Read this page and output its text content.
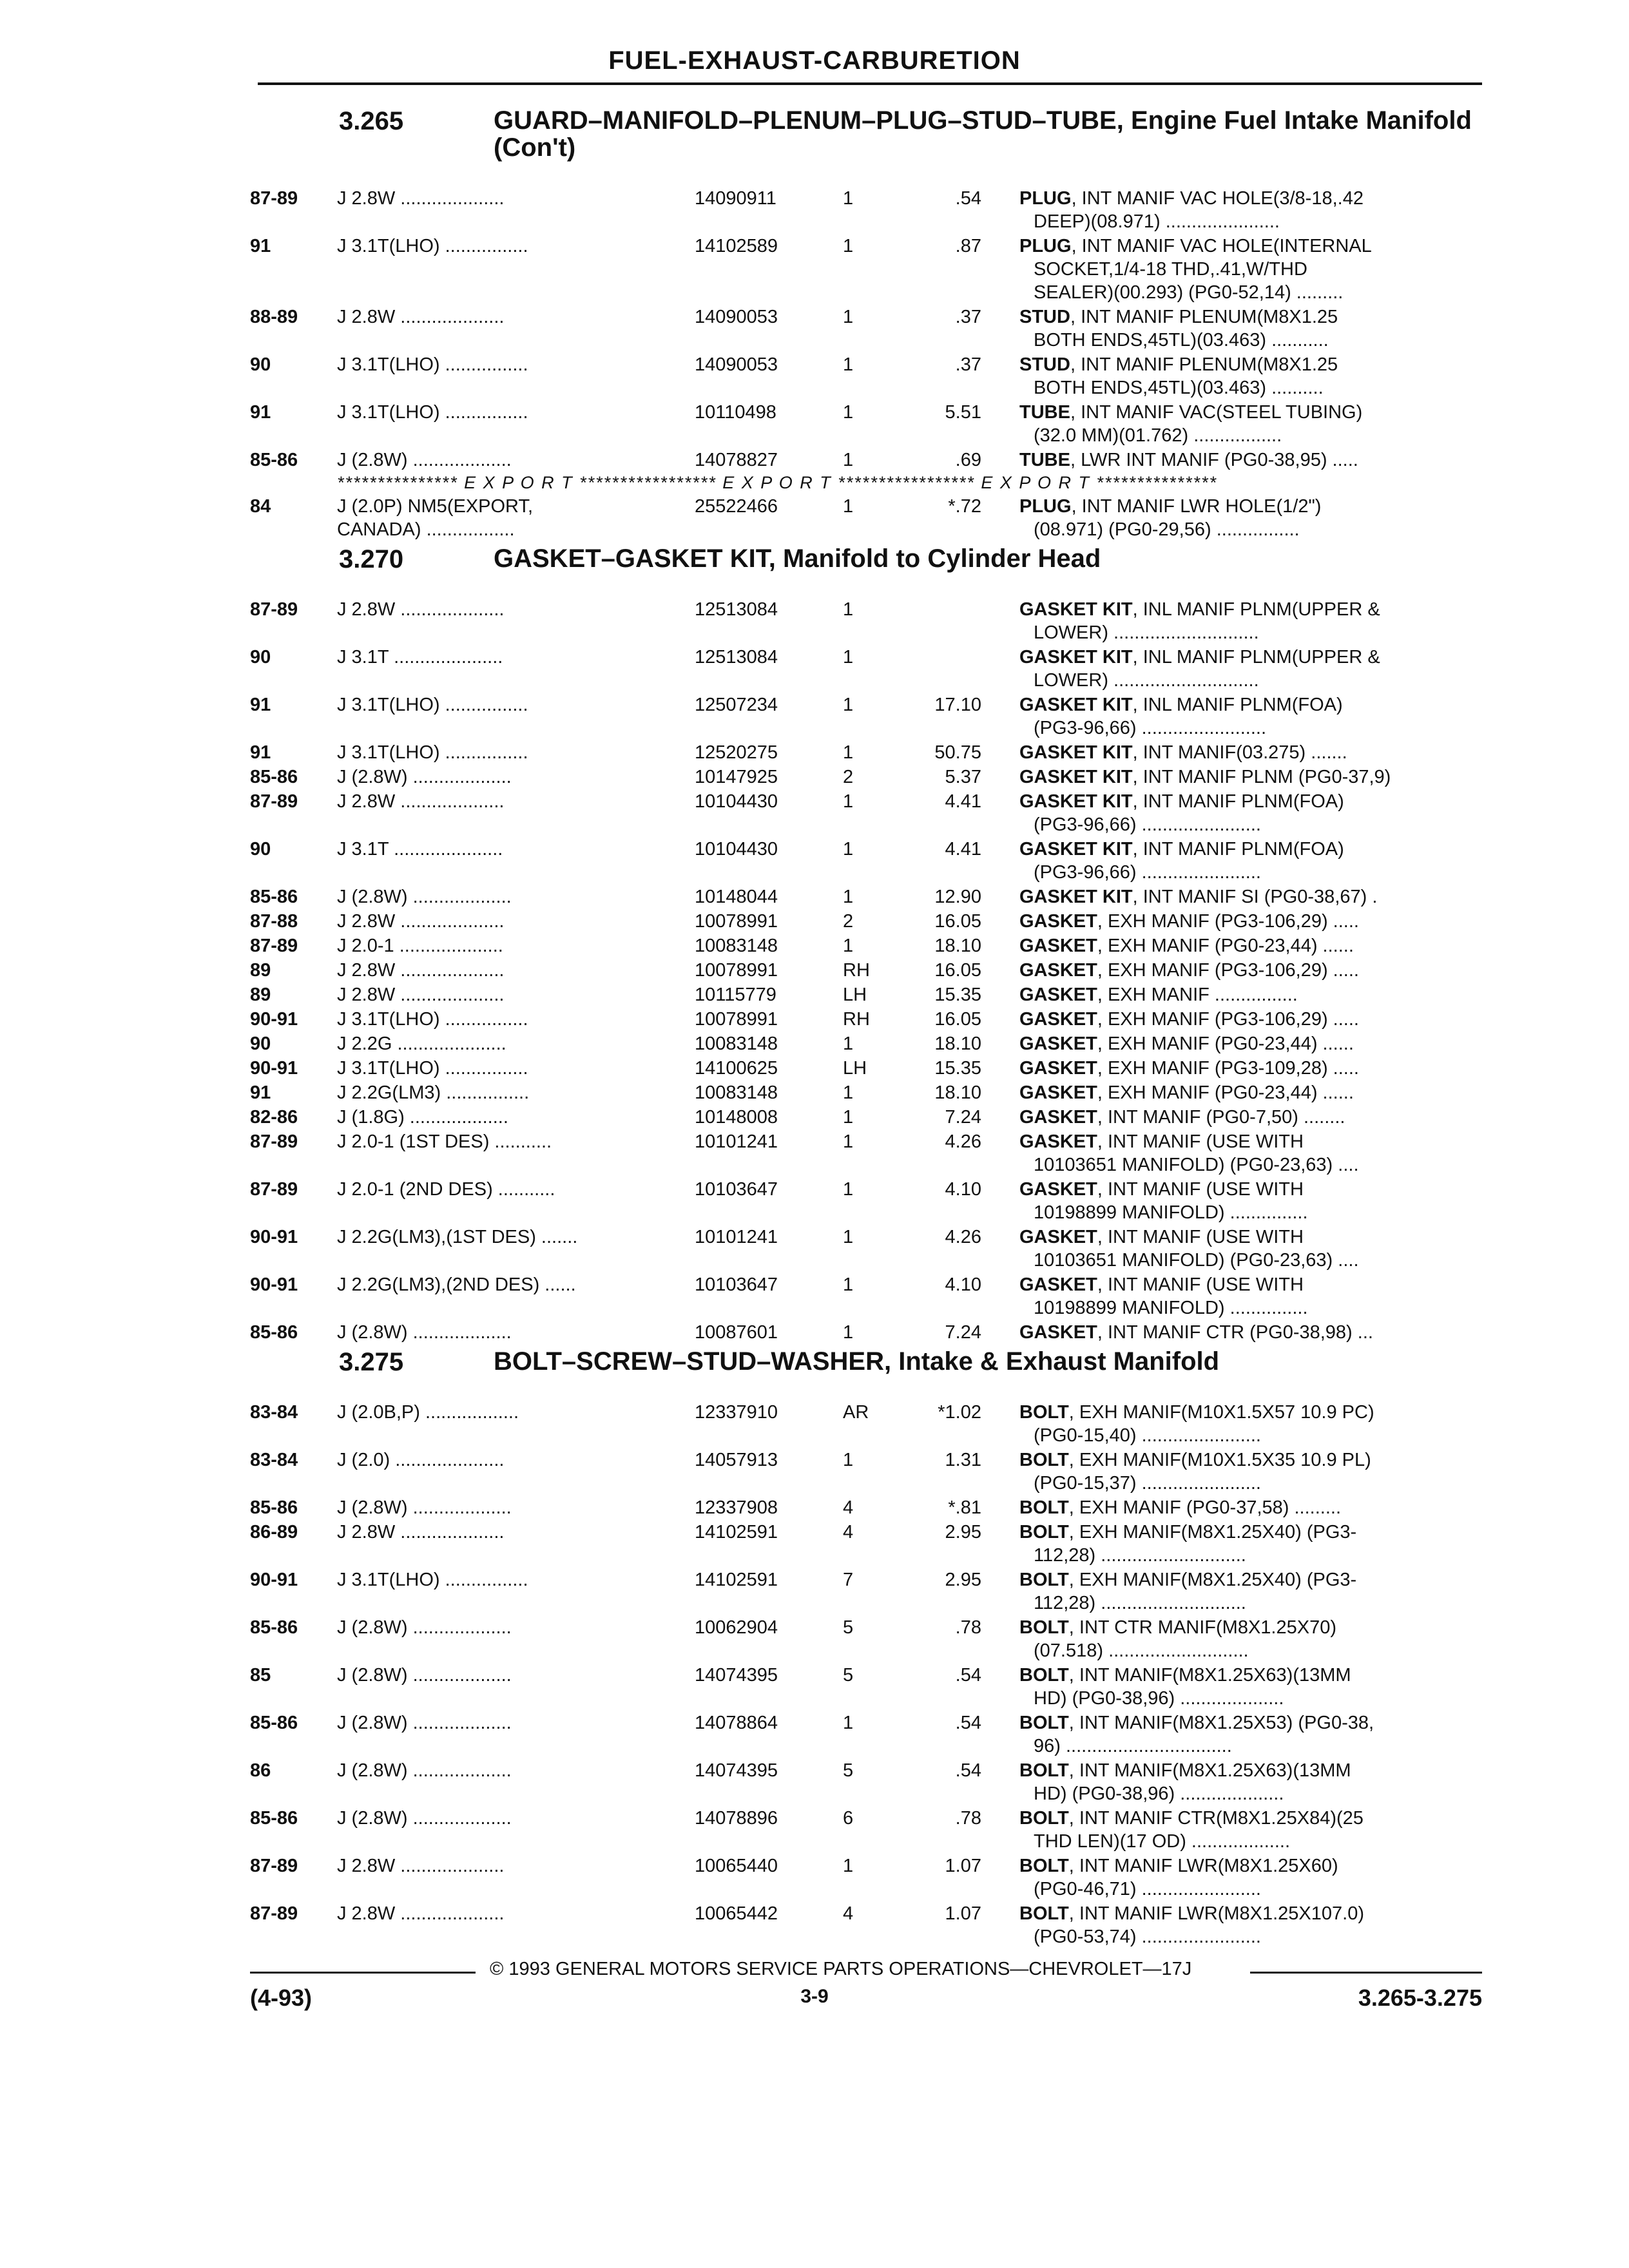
FUEL-EXHAUST-CARBURETION
3.265	GUARD–MANIFOLD–PLENUM–PLUG–STUD–TUBE, Engine Fuel Intake Manifold (Con't)
87-89 J 2.8W ....................	14090911	1	.54 PLUG, INT MANIF VAC HOLE(3/8-18,.42
DEEP)(08.971) ......................
91	J 3.1T(LHO) ................	14102589	1	.87 PLUG, INT MANIF VAC HOLE(INTERNAL
SOCKET,1/4-18 THD,.41,W/THD
SEALER)(00.293) (PG0-52,14) .........
88-89 J 2.8W ....................	14090053	1	.37 STUD, INT MANIF PLENUM(M8X1.25
BOTH ENDS,45TL)(03.463) ...........
90	J 3.1T(LHO) ................	14090053	1	.37 STUD, INT MANIF PLENUM(M8X1.25
BOTH ENDS,45TL)(03.463) ..........
91	J 3.1T(LHO) ................	10110498	1	5.51 TUBE, INT MANIF VAC(STEEL TUBING)
(32.0 MM)(01.762) .................
85-86 J (2.8W) ...................	14078827	1	.69 TUBE, LWR INT MANIF (PG0-38,95) .....
*************** E X P O R T ***************** E X P O R T ***************** E X P O R T ***************
84	J (2.0P) NM5(EXPORT,
CANADA) .................
25522466	1	*.72 PLUG, INT MANIF LWR HOLE(1/2")
(08.971) (PG0-29,56) ................
3.270	GASKET–GASKET KIT, Manifold to Cylinder Head
87-89 J 2.8W ....................	12513084	1	GASKET KIT, INL MANIF PLNM(UPPER &
LOWER) ............................
90	J 3.1T .....................	12513084	1	GASKET KIT, INL MANIF PLNM(UPPER &
LOWER) ............................
91	J 3.1T(LHO) ................	12507234	1	17.10 GASKET KIT, INL MANIF PLNM(FOA)
(PG3-96,66) ........................
91	J 3.1T(LHO) ................	12520275	1	50.75 GASKET KIT, INT MANIF(03.275) .......
85-86 J (2.8W) ...................	10147925	2	5.37 GASKET KIT, INT MANIF PLNM (PG0-37,9)
87-89 J 2.8W ....................	10104430	1	4.41 GASKET KIT, INT MANIF PLNM(FOA)
(PG3-96,66) .......................
90	J 3.1T .....................	10104430	1	4.41 GASKET KIT, INT MANIF PLNM(FOA)
(PG3-96,66) .......................
85-86 J (2.8W) ...................	10148044	1	12.90 GASKET KIT, INT MANIF SI (PG0-38,67) .
87-88 J 2.8W ....................	10078991	2	16.05 GASKET, EXH MANIF (PG3-106,29) .....
87-89 J 2.0-1 ....................	10083148	1	18.10 GASKET, EXH MANIF (PG0-23,44) ......
89	J 2.8W ....................	10078991	RH	16.05 GASKET, EXH MANIF (PG3-106,29) .....
89	J 2.8W ....................	10115779	LH	15.35 GASKET, EXH MANIF ................
90-91 J 3.1T(LHO) ................	10078991	RH	16.05 GASKET, EXH MANIF (PG3-106,29) .....
90	J 2.2G .....................	10083148	1	18.10 GASKET, EXH MANIF (PG0-23,44) ......
90-91 J 3.1T(LHO) ................	14100625	LH	15.35 GASKET, EXH MANIF (PG3-109,28) .....
91	J 2.2G(LM3) ................	10083148	1	18.10 GASKET, EXH MANIF (PG0-23,44) ......
82-86 J (1.8G) ...................	10148008	1	7.24 GASKET, INT MANIF (PG0-7,50) ........
87-89 J 2.0-1 (1ST DES) ...........	10101241	1	4.26 GASKET, INT MANIF (USE WITH
10103651 MANIFOLD) (PG0-23,63) ....
87-89 J 2.0-1 (2ND DES) ...........	10103647	1	4.10 GASKET, INT MANIF (USE WITH
10198899 MANIFOLD) ...............
90-91 J 2.2G(LM3),(1ST DES) .......	10101241	1	4.26 GASKET, INT MANIF (USE WITH
10103651 MANIFOLD) (PG0-23,63) ....
90-91 J 2.2G(LM3),(2ND DES) ......	10103647	1	4.10 GASKET, INT MANIF (USE WITH
10198899 MANIFOLD) ...............
85-86 J (2.8W) ...................	10087601	1	7.24 GASKET, INT MANIF CTR (PG0-38,98) ...
3.275	BOLT–SCREW–STUD–WASHER, Intake & Exhaust Manifold
83-84 J (2.0B,P) ..................	12337910	AR	*1.02 BOLT, EXH MANIF(M10X1.5X57 10.9 PC)
(PG0-15,40) .......................
83-84 J (2.0) .....................	14057913	1	1.31 BOLT, EXH MANIF(M10X1.5X35 10.9 PL)
(PG0-15,37) .......................
85-86 J (2.8W) ...................	12337908	4	*.81 BOLT, EXH MANIF (PG0-37,58) .........
86-89 J 2.8W ....................	14102591	4	2.95 BOLT, EXH MANIF(M8X1.25X40) (PG3-
112,28) ............................
90-91 J 3.1T(LHO) ................	14102591	7	2.95 BOLT, EXH MANIF(M8X1.25X40) (PG3-
112,28) ............................
85-86 J (2.8W) ...................	10062904	5	.78 BOLT, INT CTR MANIF(M8X1.25X70)
(07.518) ...........................
85	J (2.8W) ...................	14074395	5	.54 BOLT, INT MANIF(M8X1.25X63)(13MM
HD) (PG0-38,96) ....................
85-86 J (2.8W) ...................	14078864	1	.54 BOLT, INT MANIF(M8X1.25X53) (PG0-38,
96) ................................
86	J (2.8W) ...................	14074395	5	.54 BOLT, INT MANIF(M8X1.25X63)(13MM
HD) (PG0-38,96) ....................
85-86 J (2.8W) ...................	14078896	6	.78 BOLT, INT MANIF CTR(M8X1.25X84)(25
THD LEN)(17 OD) ...................
87-89 J 2.8W ....................	10065440	1	1.07 BOLT, INT MANIF LWR(M8X1.25X60)
(PG0-46,71) .......................
87-89 J 2.8W ....................	10065442	4	1.07 BOLT, INT MANIF LWR(M8X1.25X107.0)
(PG0-53,74) .......................
© 1993 GENERAL MOTORS SERVICE PARTS OPERATIONS—CHEVROLET—17J
(4-93)	3-9	3.265-3.275
